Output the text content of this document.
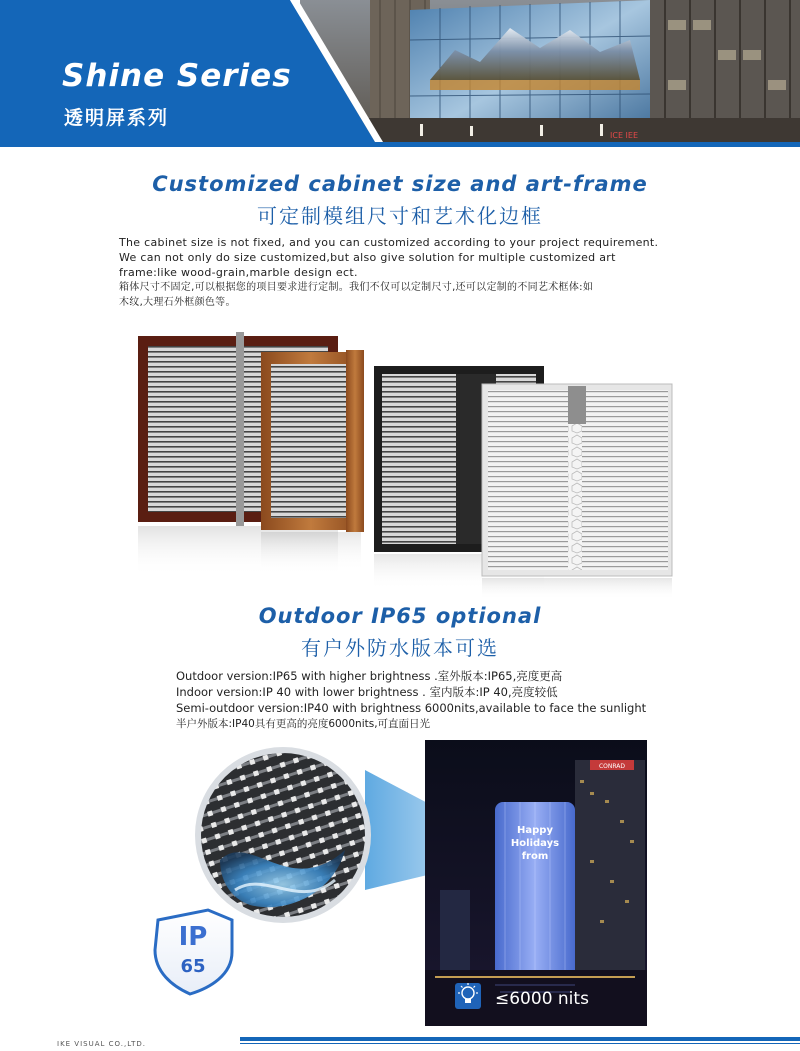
ICE IEE
Shine Series
透明屏系列
Customized cabinet size and art-frame
可定制模组尺寸和艺术化边框
The cabinet size is not fixed, and you can customized according to your project requirement.
We can not only do size customized,but also give solution for multiple customized art
frame:like wood-grain,marble design ect.
箱体尺寸不固定,可以根据您的项目要求进行定制。我们不仅可以定制尺寸,还可以定制的不同艺术框体:如
木纹,大理石外框颜色等。
Outdoor IP65 optional
有户外防水版本可选
Outdoor version:IP65 with higher brightness .室外版本:IP65,亮度更高
Indoor version:IP 40 with lower brightness . 室内版本:IP 40,亮度较低
Semi-outdoor version:IP40 with brightness 6000nits,available to face the sunlight
半户外版本:IP40具有更高的亮度6000nits,可直面日光
IP
65
CONRAD
Happy
Holidays
from
≤6000 nits
IKE VISUAL CO.,LTD.
